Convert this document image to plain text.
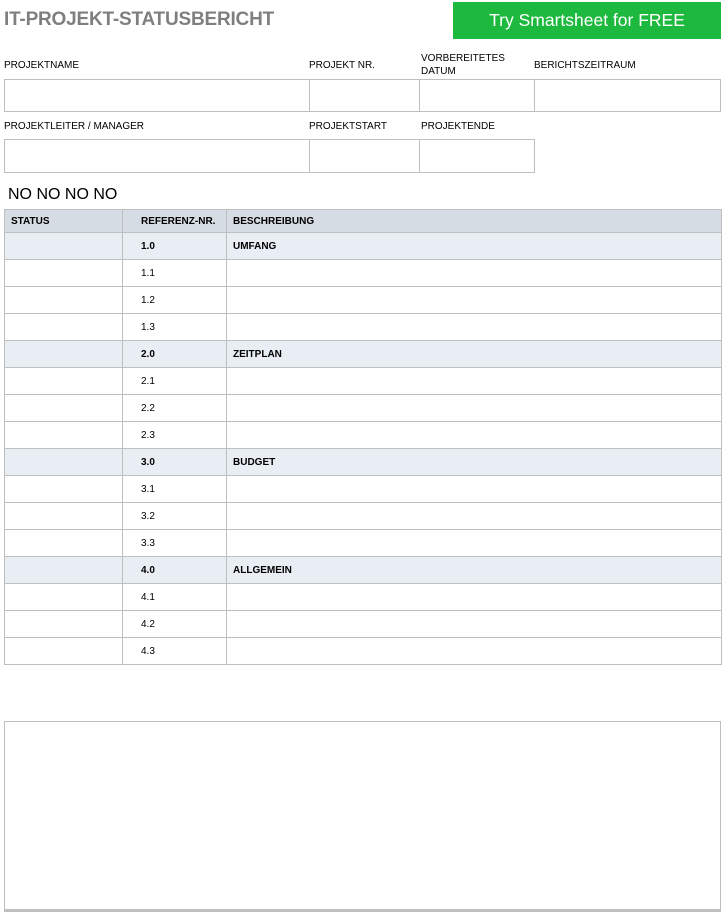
IT-PROJEKT-STATUSBERICHT	Try Smartsheet for FREE
PROJEKTNAME	PROJEKT NR.
VORBEREITETES DATUM
BERICHTSZEITRAUM
PROJEKTLEITER / MANAGER	PROJEKTSTART	PROJEKTENDE
NO NO NO NO
STATUS	REFERENZ-NR.	BESCHREIBUNG
	1.0	UMFANG
	1.1	
	1.2	
	1.3	
	2.0	ZEITPLAN
	2.1	
	2.2	
	2.3	
	3.0	BUDGET
	3.1	
	3.2	
	3.3	
	4.0	ALLGEMEIN
	4.1	
	4.2	
	4.3	
